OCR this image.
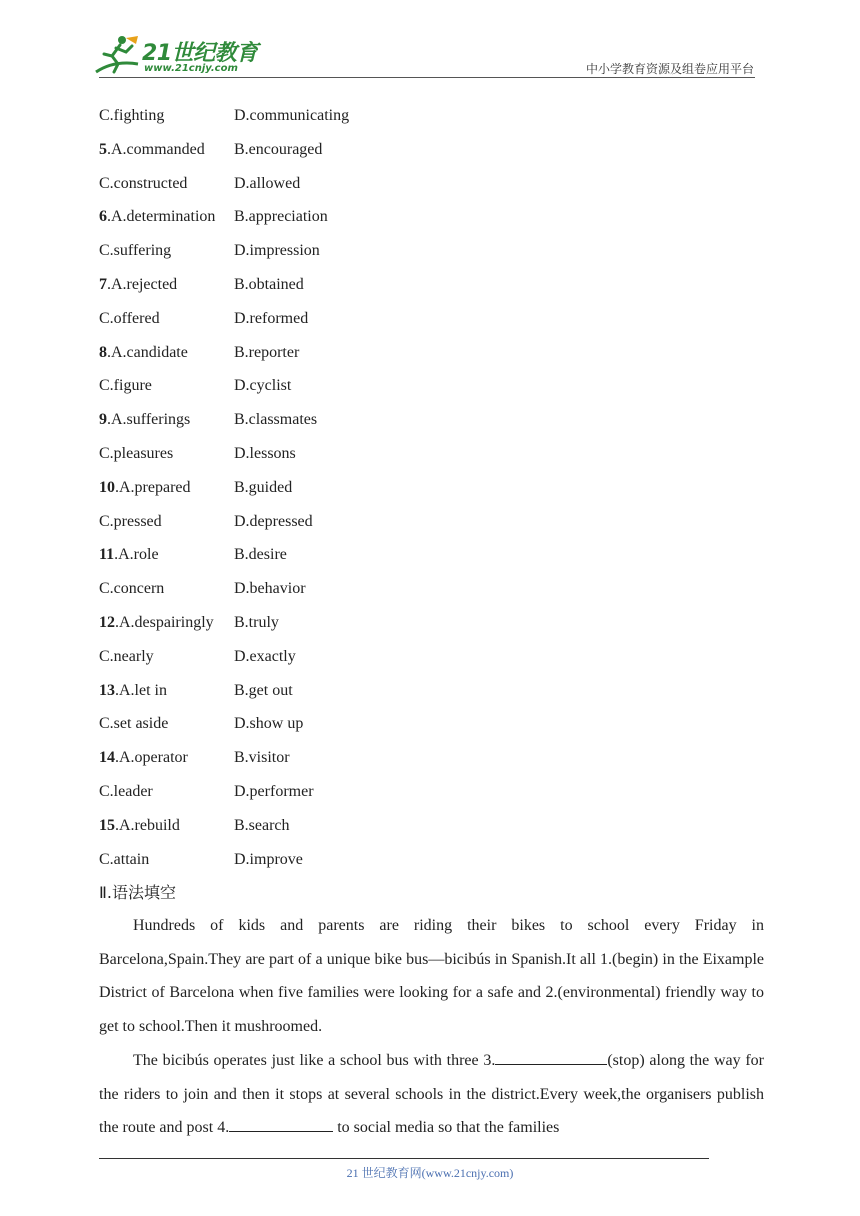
21世纪教育
www.21cnjy.com	中小学教育资源及组卷应用平台
C.fighting	D.communicating
5.A.commanded B.encouraged
C.constructed	D.allowed
6.A.determination B.appreciation
C.suffering	D.impression
7.A.rejected	B.obtained
C.offered	D.reformed
8.A.candidate	B.reporter
C.figure	D.cyclist
9.A.sufferings	B.classmates
C.pleasures	D.lessons
10.A.prepared	B.guided
C.pressed	D.depressed
11.A.role	B.desire
C.concern	D.behavior
12.A.despairingly B.truly
C.nearly	D.exactly
13.A.let in	B.get out
C.set aside	D.show up
14.A.operator	B.visitor
C.leader	D.performer
15.A.rebuild	B.search
C.attain	D.improve
Ⅱ.语法填空

Hundreds of kids and parents are riding their bikes to school every Friday in Barcelona,Spain.They are part of a unique bike bus—bicibús in Spanish.It all 1.(begin) in the Eixample District of Barcelona when five families were looking for a safe and 2.(environmental) friendly way to get to school.Then it mushroomed.

The bicibús operates just like a school bus with three 3.	(stop) along the way for the riders to join and then it stops at several schools in the district.Every week,the organisers publish the route and post 4.	to social media so that the families

21 世纪教育网(www.21cnjy.com)
